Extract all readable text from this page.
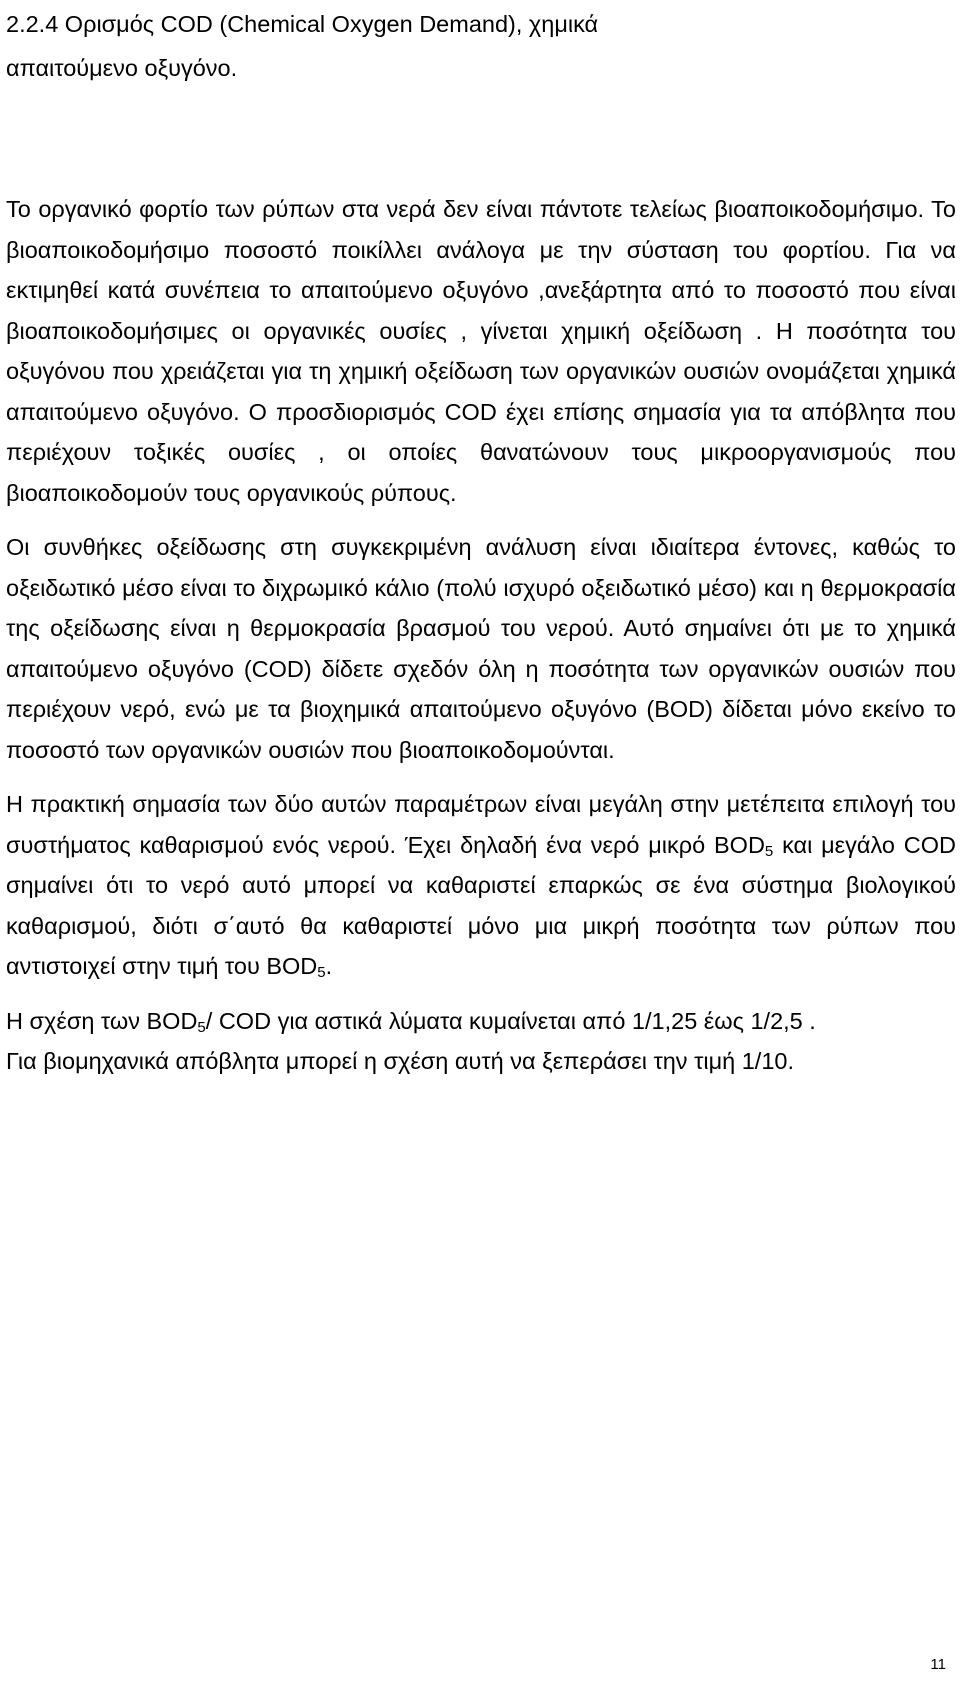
2.2.4 Ορισμός COD (Chemical Oxygen Demand), χημικά
απαιτούμενο οξυγόνο.

Το οργανικό φορτίο των ρύπων στα νερά δεν είναι πάντοτε τελείως βιοαποικοδομήσιμο. Το βιοαποικοδομήσιμο ποσοστό ποικίλλει ανάλογα με την σύσταση του φορτίου. Για να εκτιμηθεί κατά συνέπεια το απαιτούμενο οξυγόνο ,ανεξάρτητα από το ποσοστό που είναι βιοαποικοδομήσιμες οι οργανικές ουσίες , γίνεται χημική οξείδωση . Η ποσότητα του οξυγόνου που χρειάζεται για τη χημική οξείδωση των οργανικών ουσιών ονομάζεται χημικά απαιτούμενο οξυγόνο. Ο προσδιορισμός COD έχει επίσης σημασία για τα απόβλητα που περιέχουν τοξικές ουσίες , οι οποίες θανατώνουν τους μικροοργανισμούς που βιοαποικοδομούν τους οργανικούς ρύπους.

Οι συνθήκες οξείδωσης στη συγκεκριμένη ανάλυση είναι ιδιαίτερα έντονες, καθώς το οξειδωτικό μέσο είναι το διχρωμικό κάλιο (πολύ ισχυρό οξειδωτικό μέσο) και η θερμοκρασία της οξείδωσης είναι η θερμοκρασία βρασμού του νερού. Αυτό σημαίνει ότι με το χημικά απαιτούμενο οξυγόνο (COD) δίδετε σχεδόν όλη η ποσότητα των οργανικών ουσιών που περιέχουν νερό, ενώ με τα βιοχημικά απαιτούμενο οξυγόνο (BOD) δίδεται μόνο εκείνο το ποσοστό των οργανικών ουσιών που βιοαποικοδομούνται.

Η πρακτική σημασία των δύο αυτών παραμέτρων είναι μεγάλη στην μετέπειτα επιλογή του συστήματος καθαρισμού ενός νερού. Έχει δηλαδή ένα νερό μικρό $BOD_5$ και μεγάλο COD σημαίνει ότι το νερό αυτό μπορεί να καθαριστεί επαρκώς σε ένα σύστημα βιολογικού καθαρισμού, διότι σ΄αυτό θα καθαριστεί μόνο μια μικρή ποσότητα των ρύπων που αντιστοιχεί στην τιμή του $BOD_5$.

Η σχέση των $BOD_5/$ COD για αστικά λύματα κυμαίνεται από 1/1,25 έως 1/2,5 .

Για βιομηχανικά απόβλητα μπορεί η σχέση αυτή να ξεπεράσει την τιμή 1/10.

11
